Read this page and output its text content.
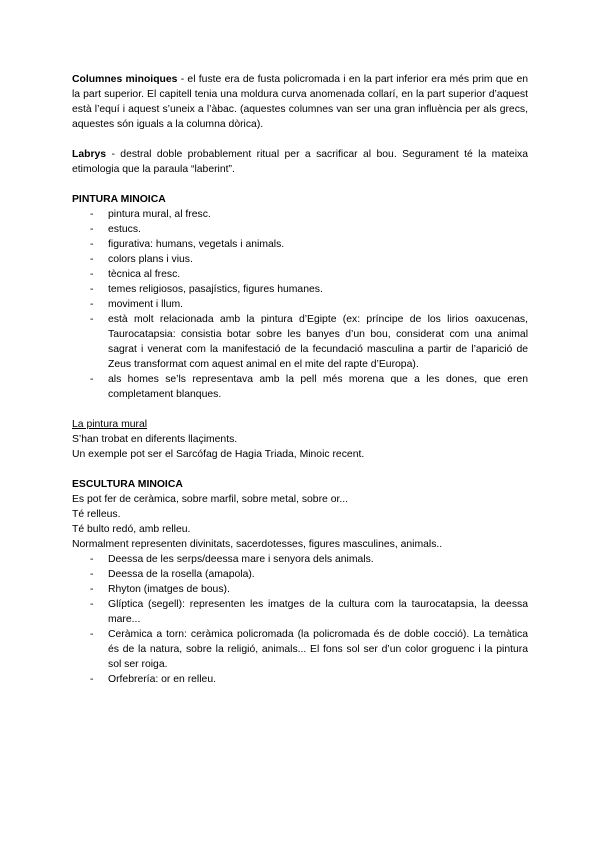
Columnes minoiques - el fuste era de fusta policromada i en la part inferior era més prim que en la part superior. El capitell tenia una moldura curva anomenada collarí, en la part superior d’aquest està l’equí i aquest s’uneix a l’àbac. (aquestes columnes van ser una gran influència per als grecs, aquestes són iguals a la columna dòrica).

Labrys - destral doble probablement ritual per a sacrificar al bou. Segurament té la mateixa etimologia que la paraula “laberint”.

PINTURA MINOICA

- pintura mural, al fresc.
- estucs.
- figurativa: humans, vegetals i animals.
- colors plans i vius.
- tècnica al fresc.
- temes religiosos, pasajístics, figures humanes.
- moviment i llum.
- està molt relacionada amb la pintura d’Egipte (ex: príncipe de los lirios oaxucenas, Taurocatapsia: consistia botar sobre les banyes d’un bou, considerat com una animal sagrat i venerat com la manifestació de la fecundació masculina a partir de l’aparició de Zeus transformat com aquest animal en el mite del rapte d’Europa).
- als homes se’ls representava amb la pell més morena que a les dones, que eren completament blanques.

La pintura mural

S’han trobat en diferents llaçiments.

Un exemple pot ser el Sarcófag de Hagia Triada, Minoic recent.

ESCULTURA MINOICA

Es pot fer de ceràmica, sobre marfil, sobre metal, sobre or...

Té relleus.

Té bulto redó, amb relleu.

Normalment representen divinitats, sacerdotesses, figures masculines, animals..

- Deessa de les serps/deessa mare i senyora dels animals.
- Deessa de la rosella (amapola).
- Rhyton (imatges de bous).
- Glíptica (segell): representen les imatges de la cultura com la taurocatapsia, la deessa mare...
- Ceràmica a torn: ceràmica policromada (la policromada és de doble cocció). La temàtica és de la natura, sobre la religió, animals... El fons sol ser d’un color groguenc i la pintura sol ser roiga.
- Orfebrería: or en relleu.
